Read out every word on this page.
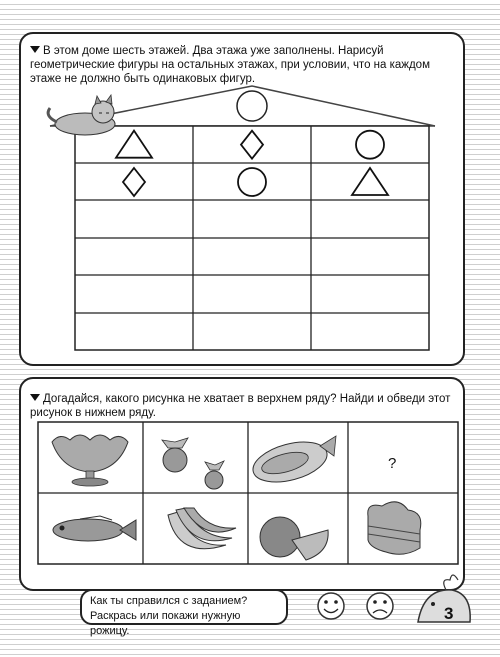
В этом доме шесть этажей. Два этажа уже заполнены. Нарисуй геометрические фигуры на остальных этажах, при условии, что на каждом этаже не должно быть одинаковых фигур.
Догадайся, какого рисунка не хватает в верхнем ряду? Найди и обведи этот рисунок в нижнем ряду.
?
Как ты справился с заданием?
Раскрась или покажи нужную рожицу.
3
